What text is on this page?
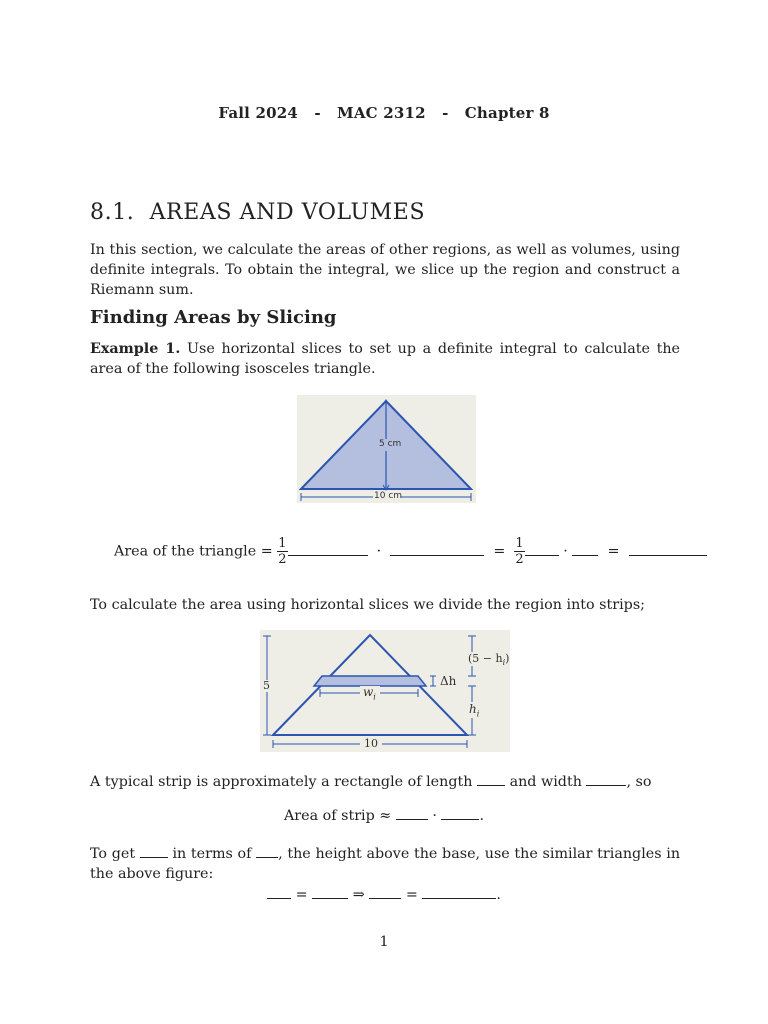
Fall 2024 - MAC 2312 - Chapter 8
8.1.  AREAS AND VOLUMES
In this section, we calculate the areas of other regions, as well as volumes, using definite integrals. To obtain the integral, we slice up the region and construct a Riemann sum.
Finding Areas by Slicing
Example 1. Use horizontal slices to set up a definite integral to calculate the area of the following isosceles triangle.
5 cm
10 cm
Area of the triangle = $\frac{1}{2}$	·	= $\frac{1}{2}$	·	=
To calculate the area using horizontal slices we divide the region into strips;
5
10
$w_i$
Δh
$(5 - h_i)$
$h_i$
A typical strip is approximately a rectangle of length	and width	, so
Area of strip ≈	·	.
To get	in terms of , the height above the base, use the similar triangles in the above figure:
=	⇒	=	.
1
